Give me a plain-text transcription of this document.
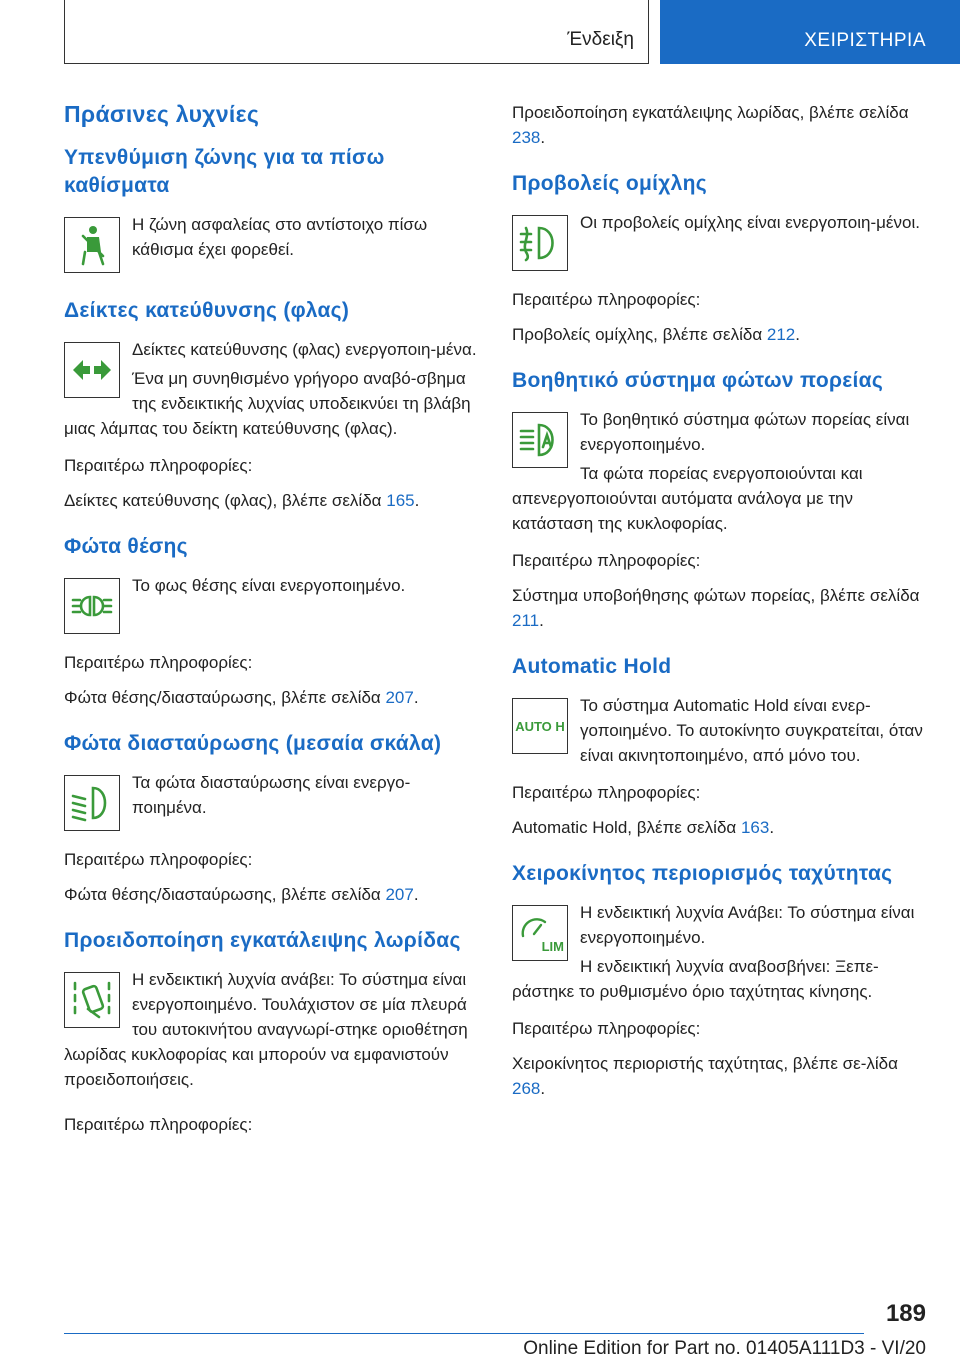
Ένδειξη	ΧΕΙΡΙΣΤΗΡΙΑ
Πράσινες λυχνίες
Υπενθύμιση ζώνης για τα πίσω καθίσματα
Η ζώνη ασφαλείας στο αντίστοιχο πίσω κάθισμα έχει φορεθεί.
Δείκτες κατεύθυνσης (φλας)
Δείκτες κατεύθυνσης (φλας) ενεργοποιη‐μένα.
Ένα μη συνηθισμένο γρήγορο αναβό‐σβημα της ενδεικτικής λυχνίας υποδεικνύει τη βλάβη μιας λάμπας του δείκτη κατεύθυνσης (φλας).

Περαιτέρω πληροφορίες:

Δείκτες κατεύθυνσης (φλας), βλέπε σελίδα 165.

Φώτα θέσης
Το φως θέσης είναι ενεργοποιημένο.

Περαιτέρω πληροφορίες:

Φώτα θέσης/διασταύρωσης, βλέπε σελίδα 207.

Φώτα διασταύρωσης (μεσαία σκάλα)
Τα φώτα διασταύρωσης είναι ενεργο‐ποιημένα.

Περαιτέρω πληροφορίες:

Φώτα θέσης/διασταύρωσης, βλέπε σελίδα 207.

Προειδοποίηση εγκατάλειψης λωρίδας
Η ενδεικτική λυχνία ανάβει: Το σύστημα είναι ενεργοποιημένο. Τουλάχιστον σε μία πλευρά του αυτοκινήτου αναγνωρί‐στηκε οριοθέτηση λωρίδας κυκλοφορίας και μπορούν να εμφανιστούν προειδοποιήσεις.

Περαιτέρω πληροφορίες:

Προειδοποίηση εγκατάλειψης λωρίδας, βλέπε σελίδα 238.

Προβολείς ομίχλης
Οι προβολείς ομίχλης είναι ενεργοποιη‐μένοι.

Περαιτέρω πληροφορίες:

Προβολείς ομίχλης, βλέπε σελίδα 212.

Βοηθητικό σύστημα φώτων πορείας
Το βοηθητικό σύστημα φώτων πορείας είναι ενεργοποιημένο.
Τα φώτα πορείας ενεργοποιούνται και απενεργοποιούνται αυτόματα ανάλογα με την κατάσταση της κυκλοφορίας.

Περαιτέρω πληροφορίες:

Σύστημα υποβοήθησης φώτων πορείας, βλέπε σελίδα 211.

Automatic Hold
AUTO H
Το σύστημα Automatic Hold είναι ενερ‐γοποιημένο. Το αυτοκίνητο συγκρατείται, όταν είναι ακινητοποιημένο, από μόνο του.

Περαιτέρω πληροφορίες:

Automatic Hold, βλέπε σελίδα 163.

Χειροκίνητος περιορισμός ταχύτητας
LIM
Η ενδεικτική λυχνία Ανάβει: Το σύστημα είναι ενεργοποιημένο.
Η ενδεικτική λυχνία αναβοσβήνει: Ξεπε‐ράστηκε το ρυθμισμένο όριο ταχύτητας κίνησης.

Περαιτέρω πληροφορίες:

Χειροκίνητος περιοριστής ταχύτητας, βλέπε σε‐λίδα 268.

189
Online Edition for Part no. 01405A111D3 - VI/20
